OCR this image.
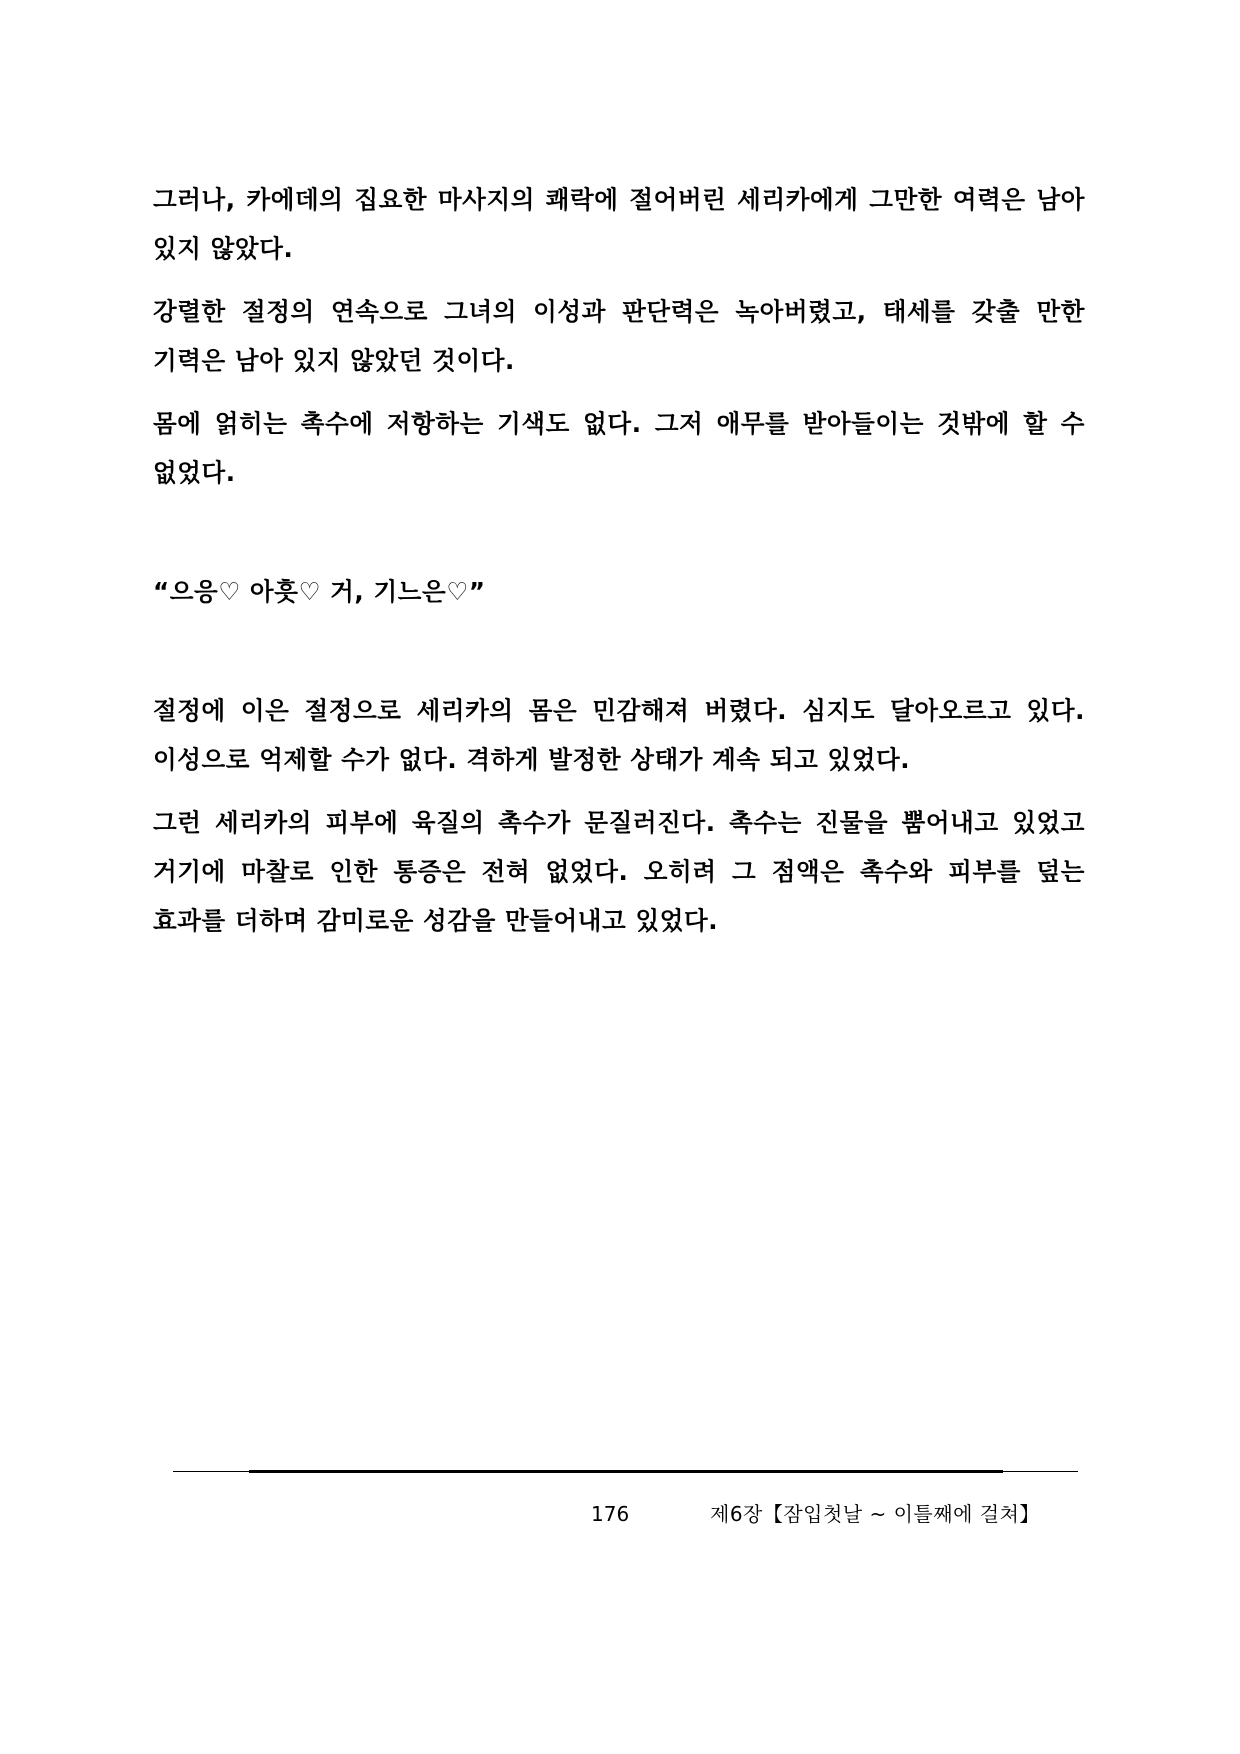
그러나, 카에데의 집요한 마사지의 쾌락에 절어버린 세리카에게 그만한 여력은 남아 있지 않았다.

강렬한 절정의 연속으로 그녀의 이성과 판단력은 녹아버렸고, 태세를 갖출 만한 기력은 남아 있지 않았던 것이다.

몸에 얽히는 촉수에 저항하는 기색도 없다. 그저 애무를 받아들이는 것밖에 할 수 없었다.

“으응♡ 아흣♡ 거, 기느은♡”

절정에 이은 절정으로 세리카의 몸은 민감해져 버렸다. 심지도 달아오르고 있다. 이성으로 억제할 수가 없다. 격하게 발정한 상태가 계속 되고 있었다.

그런 세리카의 피부에 육질의 촉수가 문질러진다. 촉수는 진물을 뿜어내고 있었고 거기에 마찰로 인한 통증은 전혀 없었다. 오히려 그 점액은 촉수와 피부를 덮는 효과를 더하며 감미로운 성감을 만들어내고 있었다.

176	제6장【잠입첫날 ~ 이틀째에 걸쳐】
